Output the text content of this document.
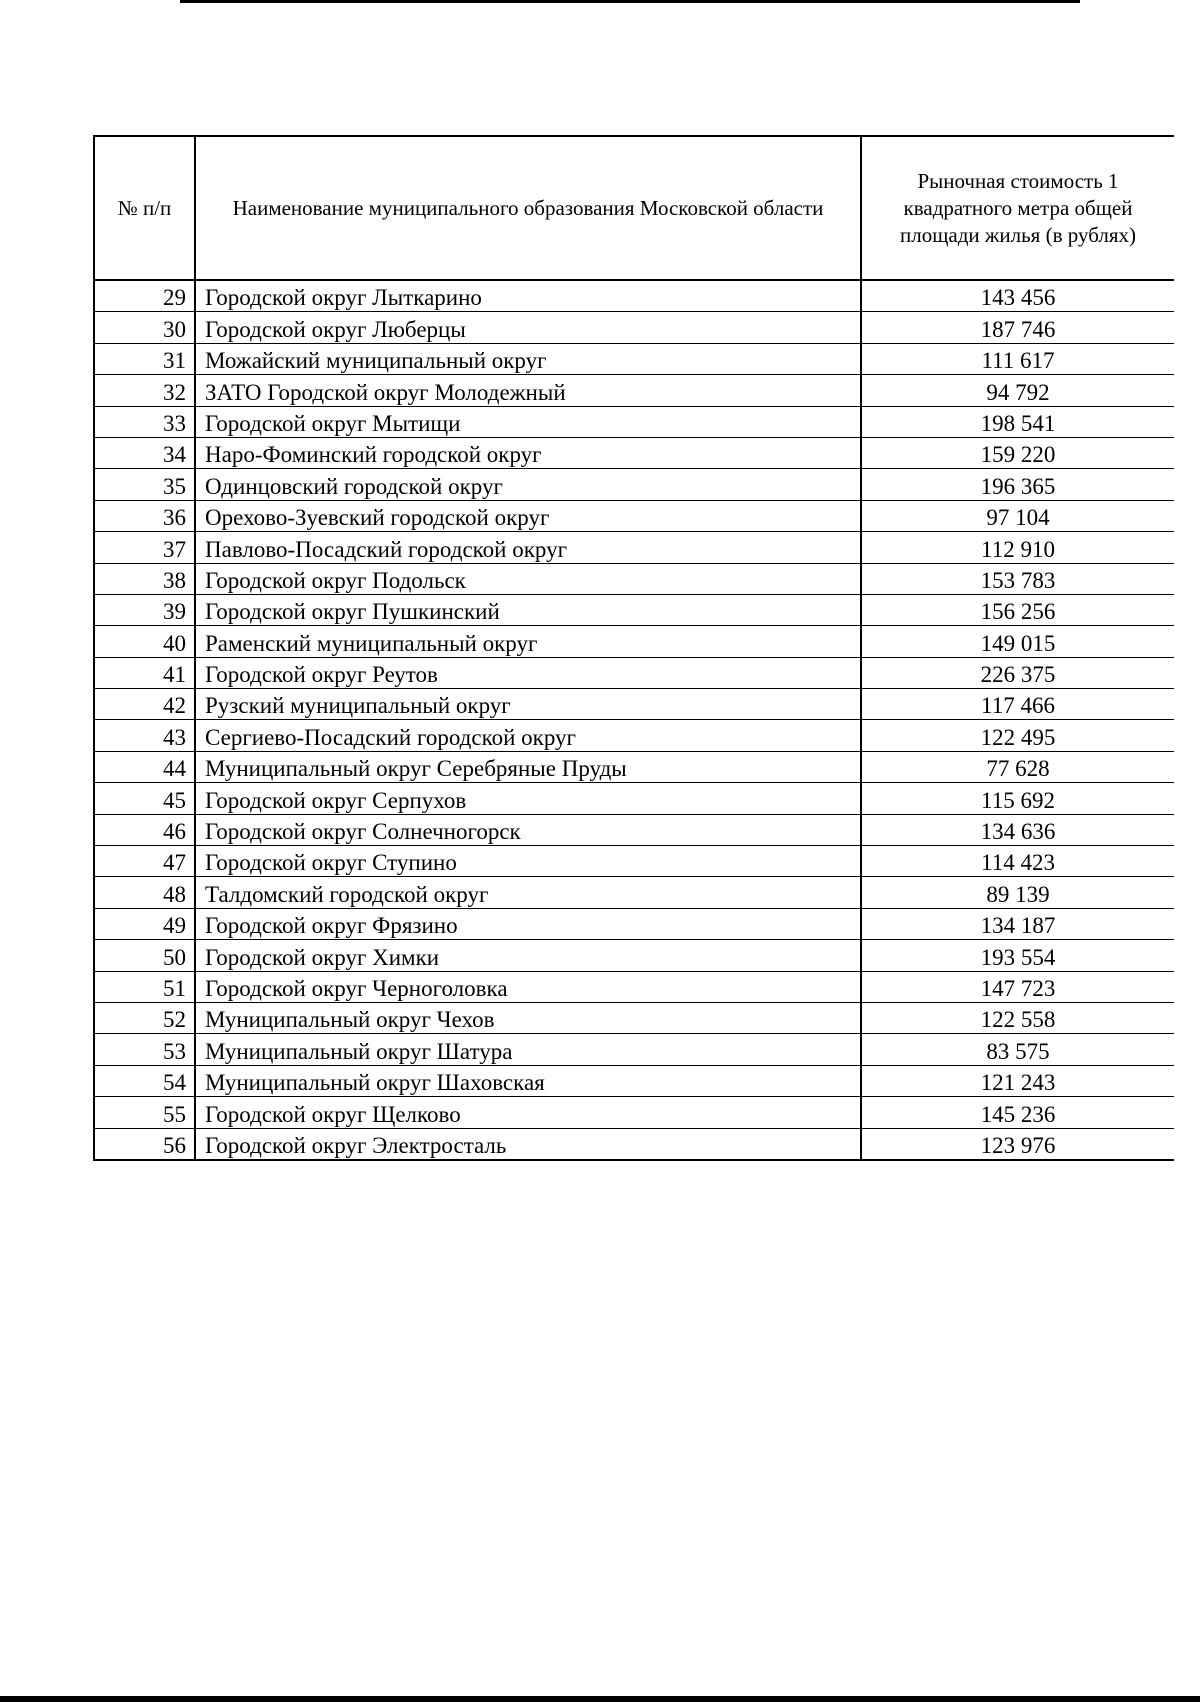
№ п/п	Наименование муниципального образования Московской области	Рыночная стоимость 1 квадратного метра общей площади жилья (в рублях)
29	Городской округ Лыткарино	143 456
30	Городской округ Люберцы	187 746
31	Можайский муниципальный округ	111 617
32	ЗАТО Городской округ Молодежный	94 792
33	Городской округ Мытищи	198 541
34	Наро-Фоминский городской округ	159 220
35	Одинцовский городской округ	196 365
36	Орехово-Зуевский городской округ	97 104
37	Павлово-Посадский городской округ	112 910
38	Городской округ Подольск	153 783
39	Городской округ Пушкинский	156 256
40	Раменский муниципальный округ	149 015
41	Городской округ Реутов	226 375
42	Рузский муниципальный округ	117 466
43	Сергиево-Посадский городской округ	122 495
44	Муниципальный округ Серебряные Пруды	77 628
45	Городской округ Серпухов	115 692
46	Городской округ Солнечногорск	134 636
47	Городской округ Ступино	114 423
48	Талдомский городской округ	89 139
49	Городской округ Фрязино	134 187
50	Городской округ Химки	193 554
51	Городской округ Черноголовка	147 723
52	Муниципальный округ Чехов	122 558
53	Муниципальный округ Шатура	83 575
54	Муниципальный округ Шаховская	121 243
55	Городской округ Щелково	145 236
56	Городской округ Электросталь	123 976
